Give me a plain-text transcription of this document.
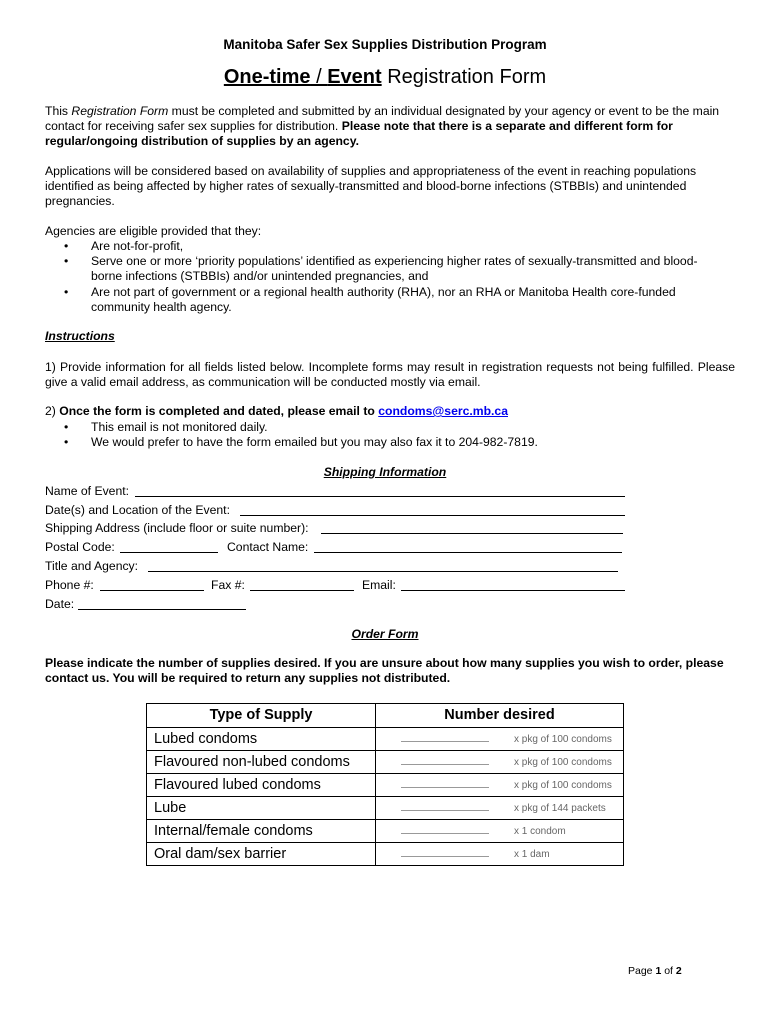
Manitoba Safer Sex Supplies Distribution Program
One-time / Event Registration Form
This Registration Form must be completed and submitted by an individual designated by your agency or event to be the main contact for receiving safer sex supplies for distribution. Please note that there is a separate and different form for regular/ongoing distribution of supplies by an agency.
Applications will be considered based on availability of supplies and appropriateness of the event in reaching populations identified as being affected by higher rates of sexually-transmitted and blood-borne infections (STBBIs) and unintended pregnancies.
Agencies are eligible provided that they:
• Are not-for-profit,
• Serve one or more ‘priority populations’ identified as experiencing higher rates of sexually-transmitted and blood-borne infections (STBBIs) and/or unintended pregnancies, and
• Are not part of government or a regional health authority (RHA), nor an RHA or Manitoba Health core-funded community health agency.
Instructions
1) Provide information for all fields listed below. Incomplete forms may result in registration requests not being fulfilled. Please give a valid email address, as communication will be conducted mostly via email.
2) Once the form is completed and dated, please email to condoms@serc.mb.ca
• This email is not monitored daily.
• We would prefer to have the form emailed but you may also fax it to 204-982-7819.
Shipping Information
Name of Event:
Date(s) and Location of the Event:
Shipping Address (include floor or suite number):
Postal Code:	Contact Name:
Title and Agency:
Phone #:	Fax #:	Email:
Date:
Order Form
Please indicate the number of supplies desired. If you are unsure about how many supplies you wish to order, please contact us. You will be required to return any supplies not distributed.
Type of Supply	Number desired
Lubed condoms	x pkg of 100 condoms

Flavoured non-lubed condoms	x pkg of 100 condoms

Flavoured lubed condoms	x pkg of 100 condoms

Lube	x pkg of 144 packets

Internal/female condoms	x 1 condom

Oral dam/sex barrier	x 1 dam
Page 1 of 2
